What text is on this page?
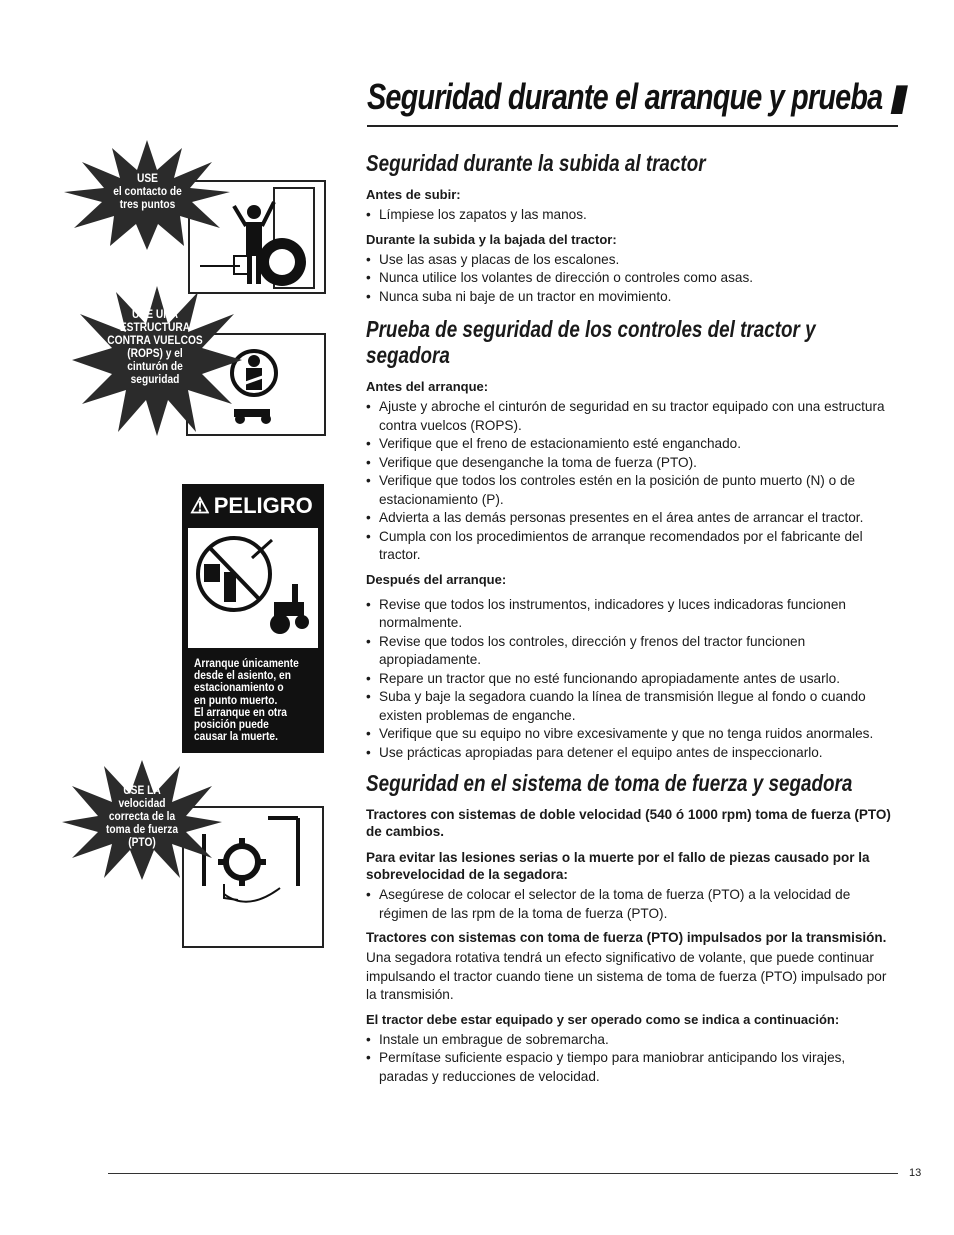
Seguridad durante el arranque y prueba ▮
USE
el contacto de
tres puntos
USE UNA
ESTRUCTURA
CONTRA VUELCOS
(ROPS) y el
cinturón de
seguridad
⚠ PELIGRO
Arranque únicamente
desde el asiento, en
estacionamiento o
en punto muerto.
El arranque en otra
posición puede
causar la muerte.
USE LA
velocidad
correcta de la
toma de fuerza
(PTO)
Seguridad durante la subida al tractor
Antes de subir:
• Límpiese los zapatos y las manos.
Durante la subida y la bajada del tractor:
• Use las asas y placas de los escalones.
• Nunca utilice los volantes de dirección o controles como asas.
• Nunca suba ni baje de un tractor en movimiento.
Prueba de seguridad de los controles del tractor y segadora
Antes del arranque:
• Ajuste y abroche el cinturón de seguridad en su tractor equipado con una estructura contra vuelcos (ROPS).
• Verifique que el freno de estacionamiento esté enganchado.
• Verifique que desenganche la toma de fuerza (PTO).
• Verifique que todos los controles estén en la posición de punto muerto (N) o de estacionamiento (P).
• Advierta a las demás personas presentes en el área antes de arrancar el tractor.
• Cumpla con los procedimientos de arranque recomendados por el fabricante del tractor.
Después del arranque:
• Revise que todos los instrumentos, indicadores y luces indicadoras funcionen normalmente.
• Revise que todos los controles, dirección y frenos del tractor funcionen apropiadamente.
• Repare un tractor que no esté funcionando apropiadamente antes de usarlo.
• Suba y baje la segadora cuando la línea de transmisión llegue al fondo o cuando existen problemas de enganche.
• Verifique que su equipo no vibre excesivamente y que no tenga ruidos anormales.
• Use prácticas apropiadas para detener el equipo antes de inspeccionarlo.
Seguridad en el sistema de toma de fuerza y segadora
Tractores con sistemas de doble velocidad (540 ó 1000 rpm) toma de fuerza (PTO) de cambios.
Para evitar las lesiones serias o la muerte por el fallo de piezas causado por la sobrevelocidad de la segadora:
• Asegúrese de colocar el selector de la toma de fuerza (PTO) a la velocidad de régimen de las rpm de la toma de fuerza (PTO).
Tractores con sistemas con toma de fuerza (PTO) impulsados por la transmisión.

Una segadora rotativa tendrá un efecto significativo de volante, que puede continuar impulsando el tractor cuando tiene un sistema de toma de fuerza (PTO) impulsado por la transmisión.

El tractor debe estar equipado y ser operado como se indica a continuación:
• Instale un embrague de sobremarcha.
• Permítase suficiente espacio y tiempo para maniobrar anticipando los virajes, paradas y reducciones de velocidad.
13
